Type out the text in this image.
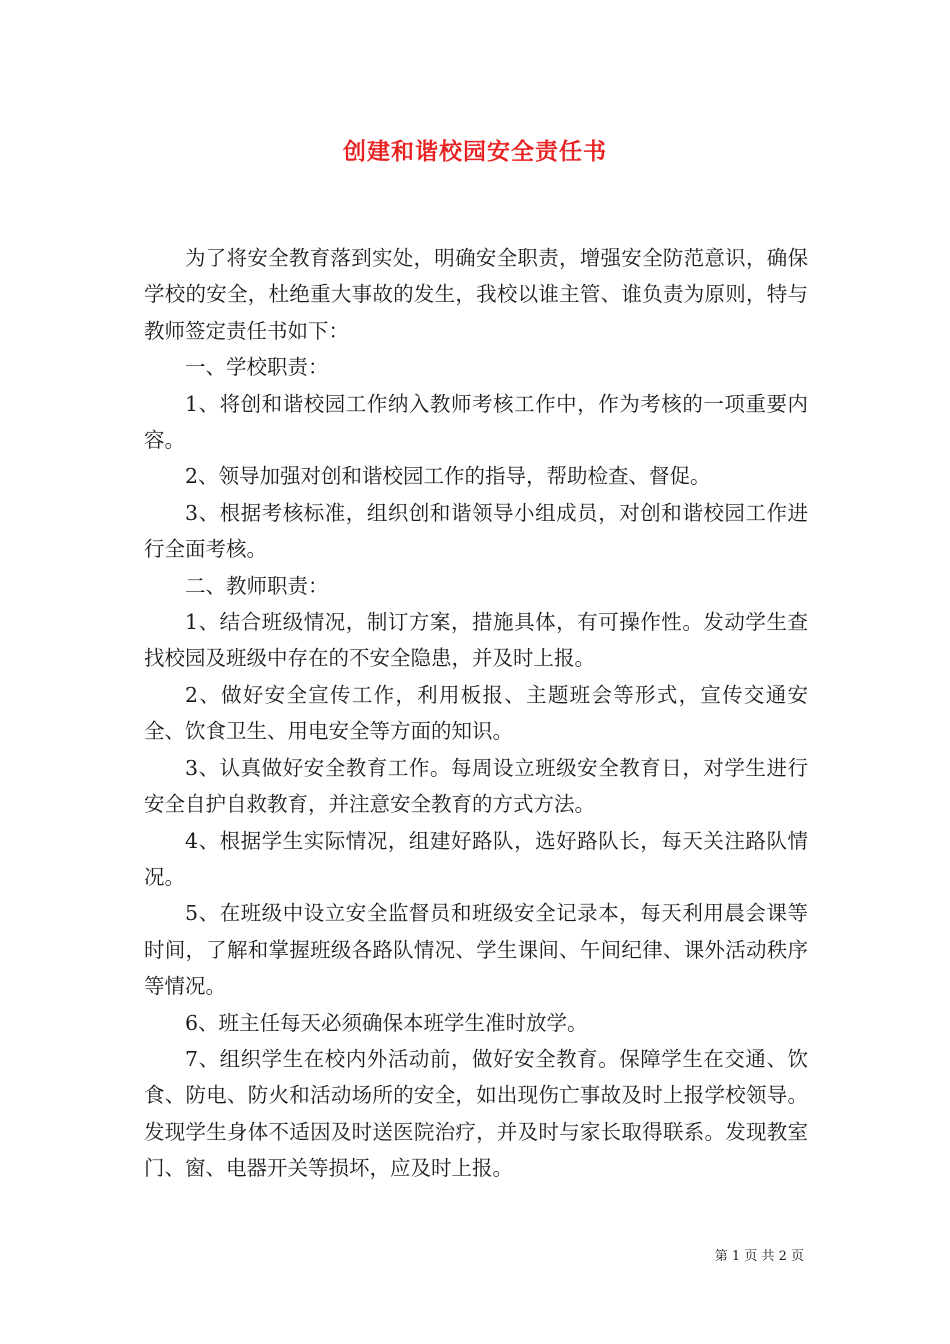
创建和谐校园安全责任书

为了将安全教育落到实处，明确安全职责，增强安全防范意识，确保学校的安全，杜绝重大事故的发生，我校以谁主管、谁负责为原则，特与教师签定责任书如下：

一、学校职责：

1、将创和谐校园工作纳入教师考核工作中，作为考核的一项重要内容。

2、领导加强对创和谐校园工作的指导，帮助检查、督促。

3、根据考核标准，组织创和谐领导小组成员，对创和谐校园工作进行全面考核。

二、教师职责：

1、结合班级情况，制订方案，措施具体，有可操作性。发动学生查找校园及班级中存在的不安全隐患，并及时上报。

2、做好安全宣传工作，利用板报、主题班会等形式，宣传交通安全、饮食卫生、用电安全等方面的知识。

3、认真做好安全教育工作。每周设立班级安全教育日，对学生进行安全自护自救教育，并注意安全教育的方式方法。

4、根据学生实际情况，组建好路队，选好路队长，每天关注路队情况。

5、在班级中设立安全监督员和班级安全记录本，每天利用晨会课等时间，了解和掌握班级各路队情况、学生课间、午间纪律、课外活动秩序等情况。

6、班主任每天必须确保本班学生准时放学。

7、组织学生在校内外活动前，做好安全教育。保障学生在交通、饮食、防电、防火和活动场所的安全，如出现伤亡事故及时上报学校领导。发现学生身体不适因及时送医院治疗，并及时与家长取得联系。发现教室门、窗、电器开关等损坏，应及时上报。

第 1 页 共 2 页
